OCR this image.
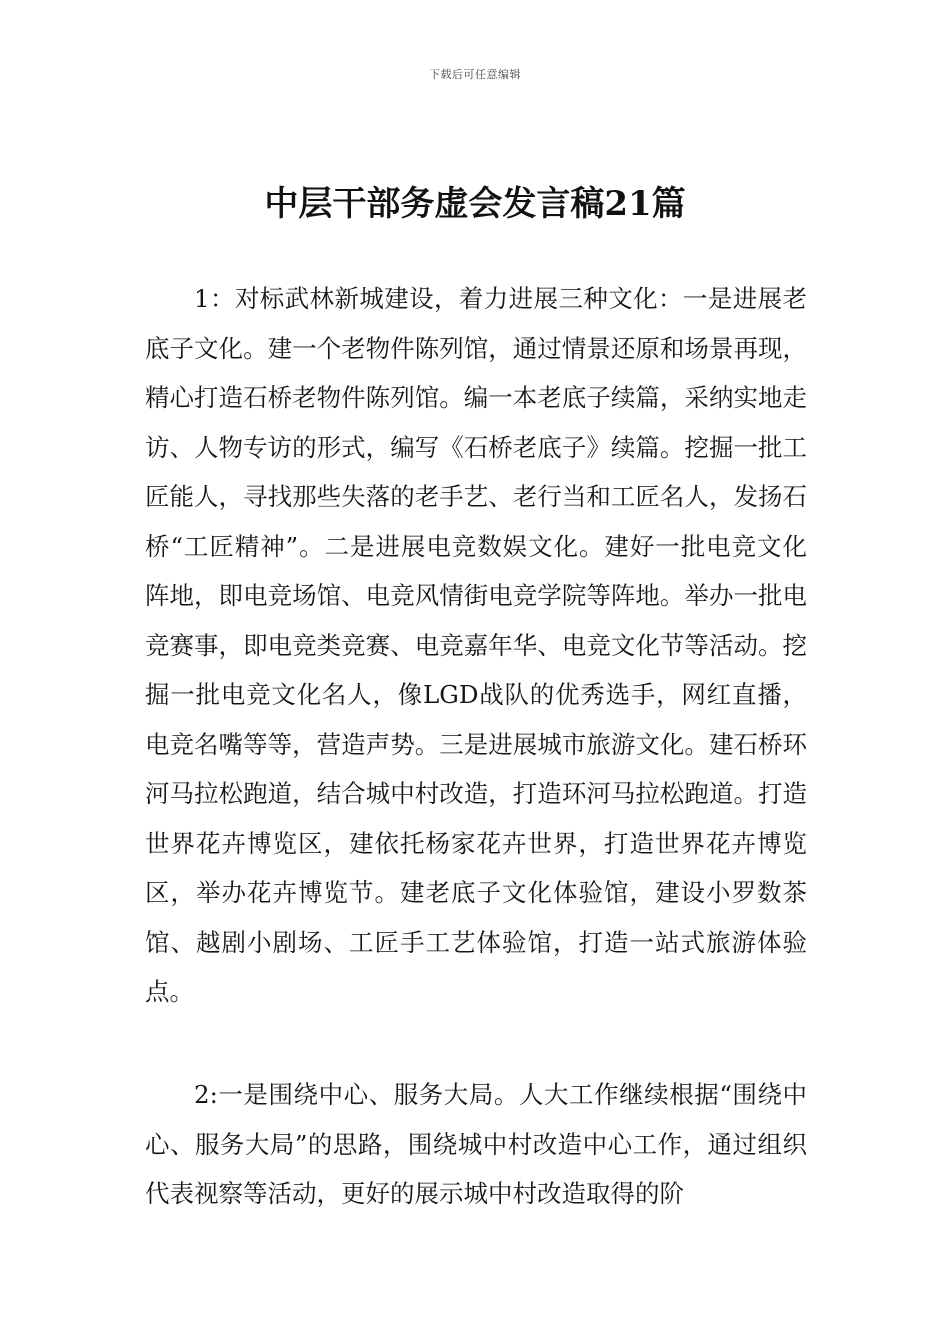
下载后可任意编辑
中层干部务虚会发言稿21篇

1：对标武林新城建设，着力进展三种文化：一是进展老底子文化。建一个老物件陈列馆，通过情景还原和场景再现，精心打造石桥老物件陈列馆。编一本老底子续篇，采纳实地走访、人物专访的形式，编写《石桥老底子》续篇。挖掘一批工匠能人，寻找那些失落的老手艺、老行当和工匠名人，发扬石桥“工匠精神”。二是进展电竞数娱文化。建好一批电竞文化阵地，即电竞场馆、电竞风情街电竞学院等阵地。举办一批电竞赛事，即电竞类竞赛、电竞嘉年华、电竞文化节等活动。挖掘一批电竞文化名人，像LGD战队的优秀选手，网红直播，电竞名嘴等等，营造声势。三是进展城市旅游文化。建石桥环河马拉松跑道，结合城中村改造，打造环河马拉松跑道。打造世界花卉博览区，建依托杨家花卉世界，打造世界花卉博览区，举办花卉博览节。建老底子文化体验馆，建设小罗数茶馆、越剧小剧场、工匠手工艺体验馆，打造一站式旅游体验点。

2:一是围绕中心、服务大局。人大工作继续根据“围绕中心、服务大局”的思路，围绕城中村改造中心工作，通过组织代表视察等活动，更好的展示城中村改造取得的阶
